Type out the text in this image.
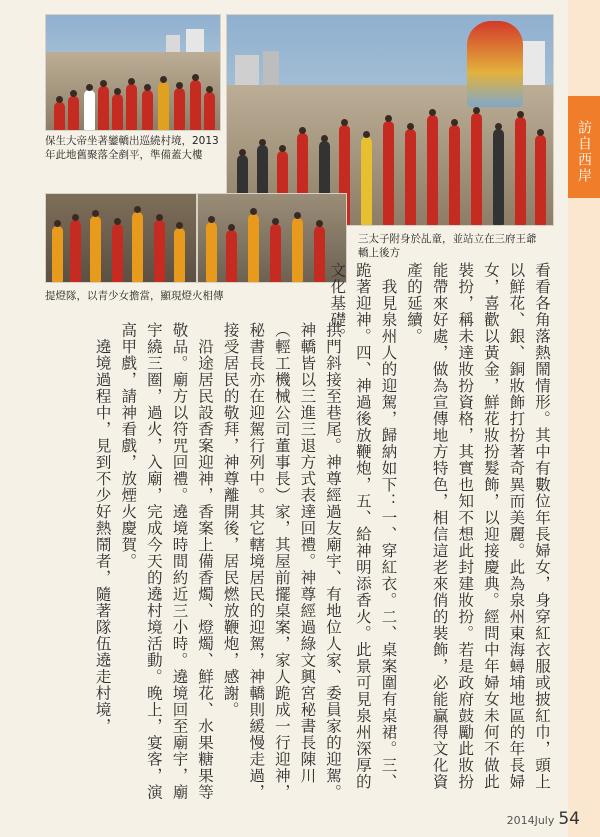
訪自西岸
保生大帝坐著鑾轎出巡繞村境，2013 年此地舊聚落全剷平，準備蓋大樓
三太子附身於乩童，並站立在三府王爺轎上後方
提燈隊，以青少女擔當，顯現燈火相傳
拱門斜接至巷尾。神尊經過友廟宇、有地位人家、委員家的迎駕。神轎皆以三進三退方式表達回禮。神尊經過綠文興宮秘書長陳川（輕工機械公司董事長）家，其屋前擺桌案，家人跪成一行迎神，秘書長亦在迎駕行列中。其它轄境居民的迎駕，神轎則緩慢走過，接受居民的敬拜，神尊離開後，居民燃放鞭炮，感謝。
　沿途居民設香案迎神，香案上備香燭、燈燭、鮮花、水果糖果等敬品。廟方以符咒回禮。遶境時間約近三小時。遶境回至廟宇，廟宇繞三圈，過火，入廟，完成今天的遶村境活動。晚上，宴客，演高甲戲，請神看戲，放煙火慶賀。
　遶境過程中，見到不少好熱鬧者，隨著隊伍遶走村境，	看看各角落熱鬧情形。其中有數位年長婦女，身穿紅衣服或披紅巾，頭上以鮮花、銀、銅妝飾打扮著奇異而美麗。此為泉州東海蟳埔地區的年長婦女，喜歡以黃金，鮮花妝扮髮飾，以迎接慶典。經問中年婦女未何不做此裝扮，稱未達妝扮資格，其實也知不想此封建妝扮。若是政府鼓勵此妝扮能帶來好處，做為宣傳地方特色，相信這老來俏的裝飾，必能贏得文化資產的延續。
　我見泉州人的迎駕，歸納如下：一、穿紅衣。二、桌案圍有桌裙。三、跪著迎神。四、神過後放鞭炮，五、給神明添香火。此景可見泉州深厚的文化基礎。
2014July 54
